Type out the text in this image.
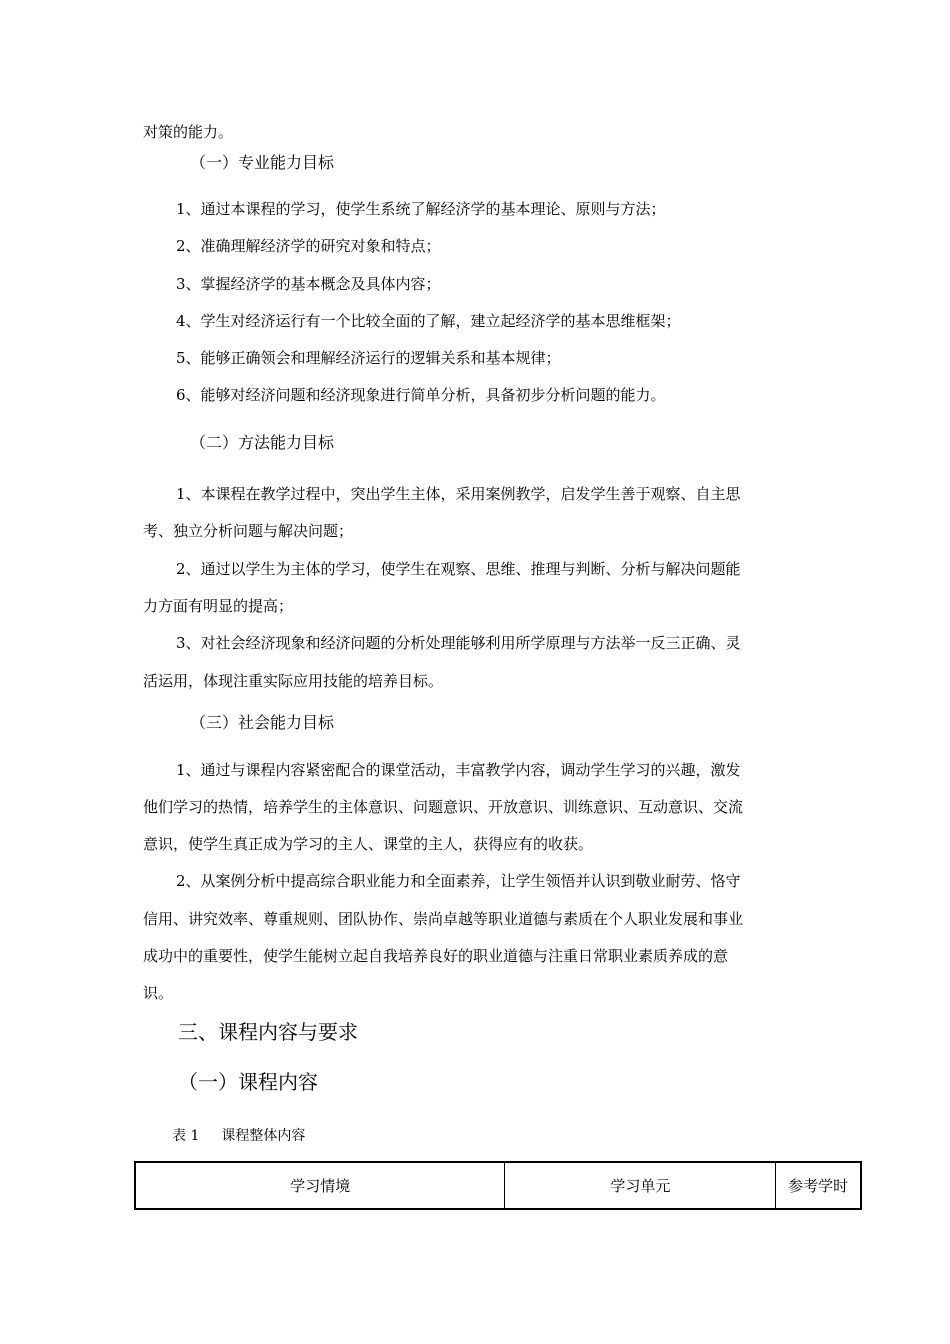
对策的能力。
（一）专业能力目标
1、通过本课程的学习，使学生系统了解经济学的基本理论、原则与方法；
2、准确理解经济学的研究对象和特点；
3、掌握经济学的基本概念及具体内容；
4、学生对经济运行有一个比较全面的了解，建立起经济学的基本思维框架；
5、能够正确领会和理解经济运行的逻辑关系和基本规律；
6、能够对经济问题和经济现象进行简单分析，具备初步分析问题的能力。
（二）方法能力目标
1、本课程在教学过程中，突出学生主体，采用案例教学，启发学生善于观察、自主思
考、独立分析问题与解决问题；
2、通过以学生为主体的学习，使学生在观察、思维、推理与判断、分析与解决问题能
力方面有明显的提高；
3、对社会经济现象和经济问题的分析处理能够利用所学原理与方法举一反三正确、灵
活运用，体现注重实际应用技能的培养目标。
（三）社会能力目标
1、通过与课程内容紧密配合的课堂活动，丰富教学内容，调动学生学习的兴趣，激发
他们学习的热情，培养学生的主体意识、问题意识、开放意识、训练意识、互动意识、交流
意识，使学生真正成为学习的主人、课堂的主人，获得应有的收获。
2、从案例分析中提高综合职业能力和全面素养，让学生领悟并认识到敬业耐劳、恪守
信用、讲究效率、尊重规则、团队协作、崇尚卓越等职业道德与素质在个人职业发展和事业
成功中的重要性，使学生能树立起自我培养良好的职业道德与注重日常职业素质养成的意
识。
三、课程内容与要求
（一）课程内容
表 1 课程整体内容
学习情境	学习单元	参考学时
